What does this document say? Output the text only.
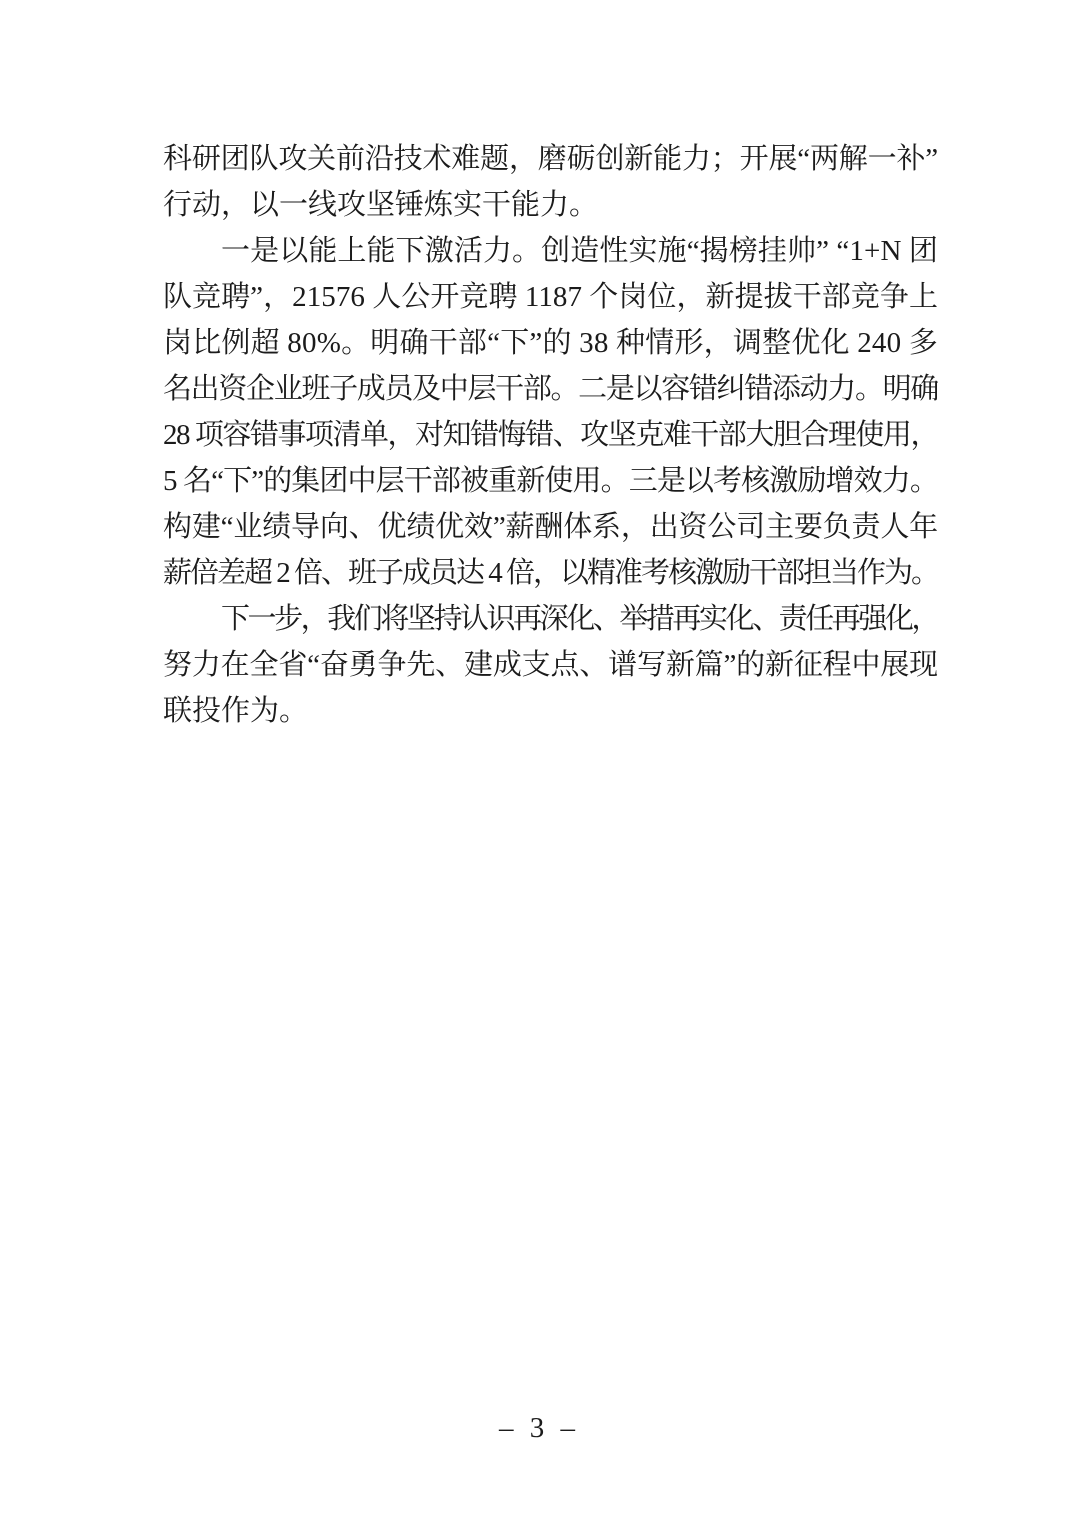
科研团队攻关前沿技术难题，磨砺创新能力；开展“两解一补”
行动，以一线攻坚锤炼实干能力。
一是以能上能下激活力。创造性实施“揭榜挂帅” “1+N 团
队竞聘”，21576 人公开竞聘 1187 个岗位，新提拔干部竞争上
岗比例超 80%。明确干部“下”的 38 种情形，调整优化 240 多
名出资企业班子成员及中层干部。二是以容错纠错添动力。明确
28 项容错事项清单，对知错悔错、攻坚克难干部大胆合理使用，
5 名“下”的集团中层干部被重新使用。三是以考核激励增效力。
构建“业绩导向、优绩优效”薪酬体系，出资公司主要负责人年
薪倍差超 2 倍、班子成员达 4 倍，以精准考核激励干部担当作为。
下一步，我们将坚持认识再深化、举措再实化、责任再强化，
努力在全省“奋勇争先、建成支点、谱写新篇”的新征程中展现
联投作为。
– 3 –
